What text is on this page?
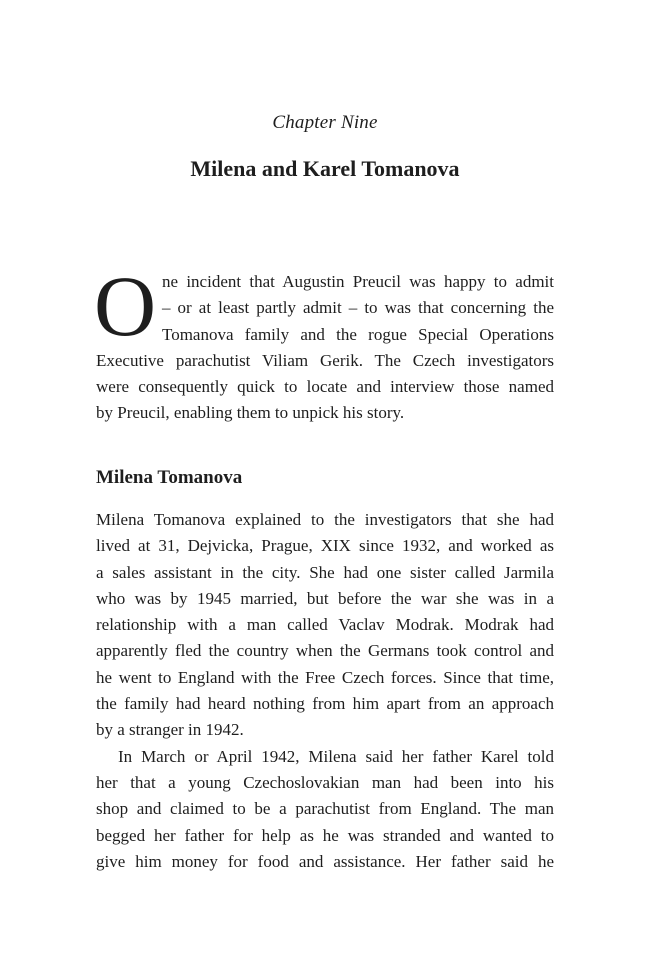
Chapter Nine
Milena and Karel Tomanova
O ne incident that Augustin Preucil was happy to admit
– or at least partly admit – to was that concerning the
Tomanova family and the rogue Special Operations
Executive parachutist Viliam Gerik. The Czech investigators
were consequently quick to locate and interview those named
by Preucil, enabling them to unpick his story.
Milena Tomanova
Milena Tomanova explained to the investigators that she had
lived at 31, Dejvicka, Prague, XIX since 1932, and worked as
a sales assistant in the city. She had one sister called Jarmila
who was by 1945 married, but before the war she was in a
relationship with a man called Vaclav Modrak. Modrak had
apparently fled the country when the Germans took control and
he went to England with the Free Czech forces. Since that time,
the family had heard nothing from him apart from an approach
by a stranger in 1942.
In March or April 1942, Milena said her father Karel told
her that a young Czechoslovakian man had been into his
shop and claimed to be a parachutist from England. The man
begged her father for help as he was stranded and wanted to
give him money for food and assistance. Her father said he
